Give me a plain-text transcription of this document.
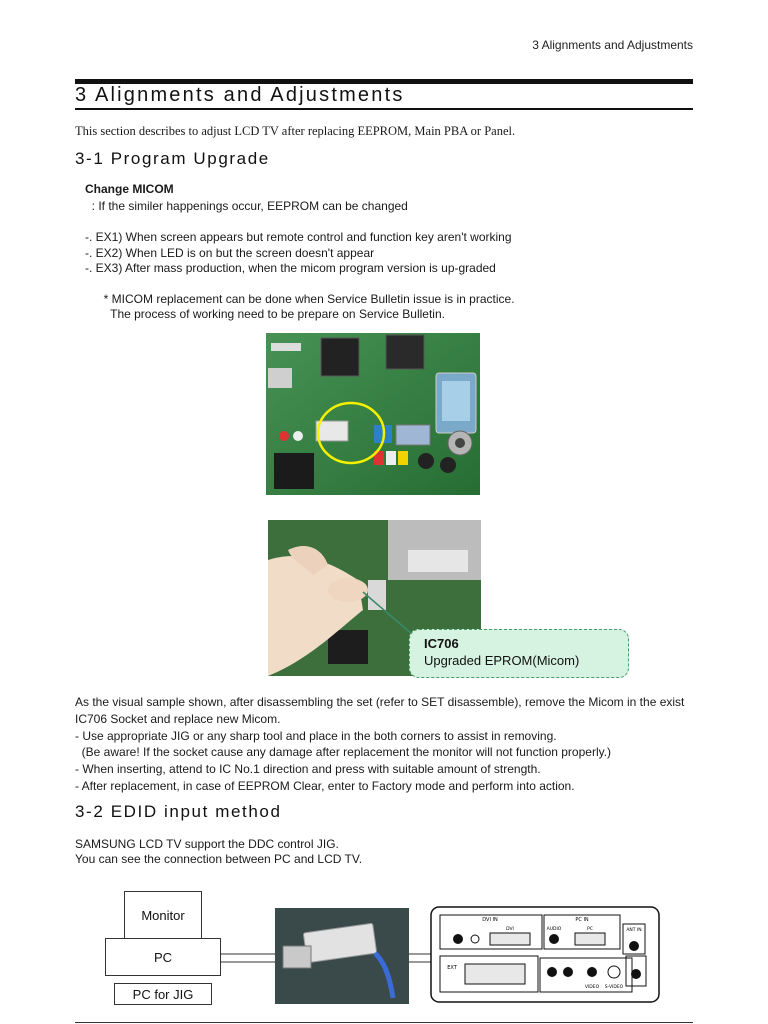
3 Alignments and Adjustments
3 Alignments and Adjustments
This section describes to adjust LCD TV after replacing EEPROM, Main PBA or Panel.
3-1 Program Upgrade
Change MICOM
: If the similer happenings occur, EEPROM can be changed
-. EX1) When screen appears but remote control and function key aren't working
-. EX2) When LED is on but the screen doesn't appear
-. EX3) After mass production, when the micom program version is up-graded
* MICOM replacement can be done when Service Bulletin issue is in practice.
The process of working need to be prepare on Service Bulletin.
IC706
Upgraded EPROM(Micom)
As the visual sample shown, after disassembling the set (refer to SET disassemble), remove the Micom in the exist
IC706 Socket and replace new Micom.
- Use appropriate JIG or any sharp tool and place in the both corners to assist in removing.
(Be aware! If the socket cause any damage after replacement the monitor will not function properly.)
- When inserting, attend to IC No.1 direction and press with suitable amount of strength.
- After replacement, in case of EEPROM Clear, enter to Factory mode and perform into action.
3-2 EDID input method
SAMSUNG LCD TV support the DDC control JIG.
You can see the connection between PC and LCD TV.
Monitor
PC
PC for JIG
DVI IN	PC IN
ANT IN
DVI	AUDIO	PC
EXT
VIDEO S-VIDEO
